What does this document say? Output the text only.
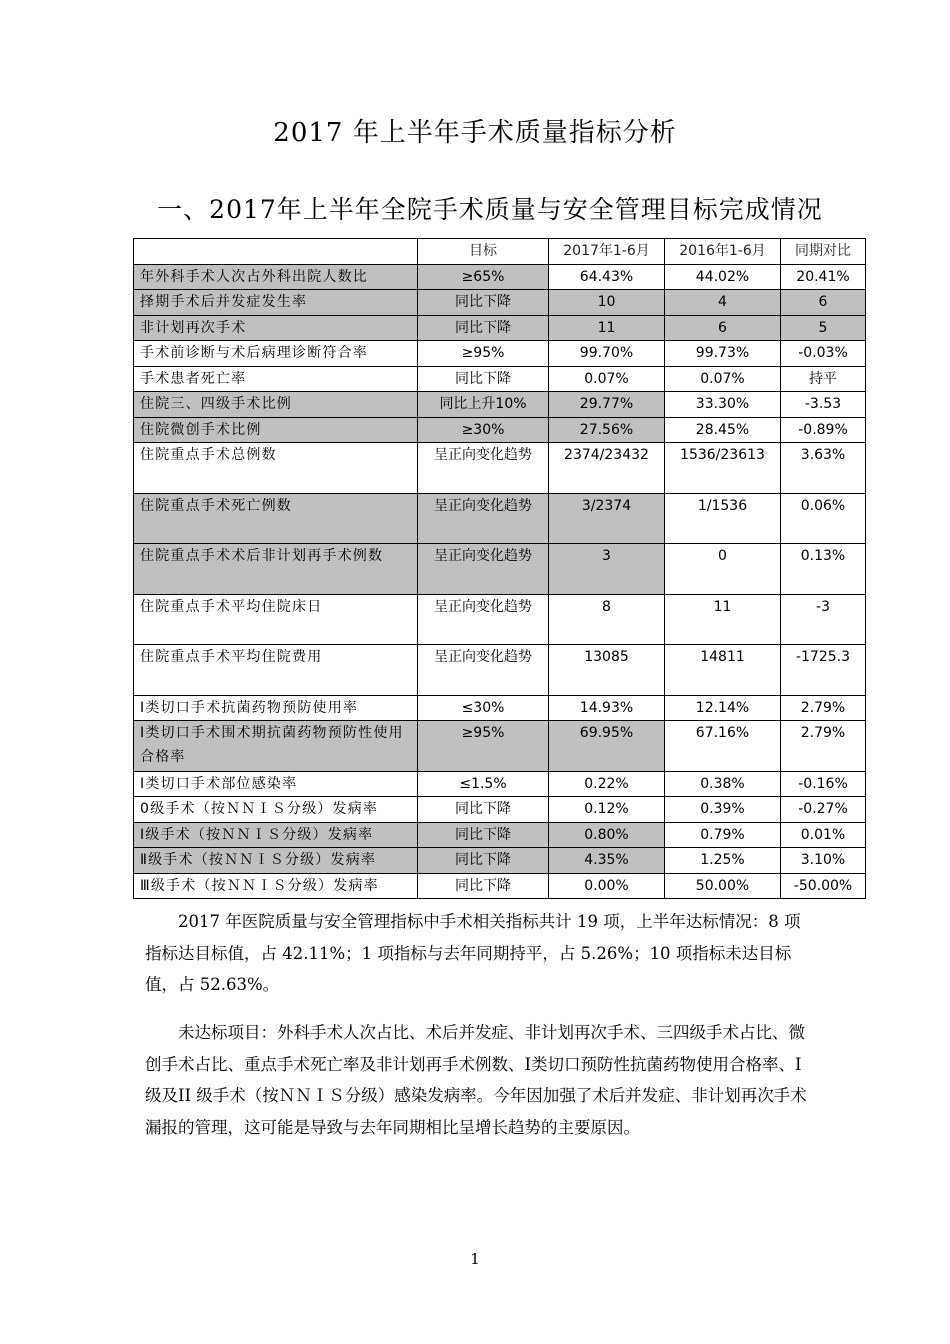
2017 年上半年手术质量指标分析
一、2017年上半年全院手术质量与安全管理目标完成情况
	目标	2017年1-6月	2016年1-6月	同期对比
年外科手术人次占外科出院人数比	≥65%	64.43%	44.02%	20.41%
择期手术后并发症发生率	同比下降	10	4	6
非计划再次手术	同比下降	11	6	5
手术前诊断与术后病理诊断符合率	≥95%	99.70%	99.73%	-0.03%
手术患者死亡率	同比下降	0.07%	0.07%	持平
住院三、四级手术比例	同比上升10%	29.77%	33.30%	-3.53
住院微创手术比例	≥30%	27.56%	28.45%	-0.89%
住院重点手术总例数	呈正向变化趋势	2374/23432	1536/23613	3.63%
住院重点手术死亡例数	呈正向变化趋势	3/2374	1/1536	0.06%
住院重点手术术后非计划再手术例数	呈正向变化趋势	3	0	0.13%
住院重点手术平均住院床日	呈正向变化趋势	8	11	-3
住院重点手术平均住院费用	呈正向变化趋势	13085	14811	-1725.3
Ⅰ类切口手术抗菌药物预防使用率	≤30%	14.93%	12.14%	2.79%
Ⅰ类切口手术围术期抗菌药物预防性使用合格率	≥95%	69.95%	67.16%	2.79%
Ⅰ类切口手术部位感染率	≤1.5%	0.22%	0.38%	-0.16%
0级手术（按ＮＮＩＳ分级）发病率	同比下降	0.12%	0.39%	-0.27%
Ⅰ级手术（按ＮＮＩＳ分级）发病率	同比下降	0.80%	0.79%	0.01%
Ⅱ级手术（按ＮＮＩＳ分级）发病率	同比下降	4.35%	1.25%	3.10%
Ⅲ级手术（按ＮＮＩＳ分级）发病率	同比下降	0.00%	50.00%	-50.00%
2017 年医院质量与安全管理指标中手术相关指标共计 19 项，上半年达标情况：8 项指标达目标值，占 42.11%；1 项指标与去年同期持平，占 5.26%；10 项指标未达目标值，占 52.63%。
未达标项目：外科手术人次占比、术后并发症、非计划再次手术、三四级手术占比、微创手术占比、重点手术死亡率及非计划再手术例数、Ⅰ类切口预防性抗菌药物使用合格率、Ⅰ级及II 级手术（按ＮＮＩＳ分级）感染发病率。今年因加强了术后并发症、非计划再次手术漏报的管理，这可能是导致与去年同期相比呈增长趋势的主要原因。
1
